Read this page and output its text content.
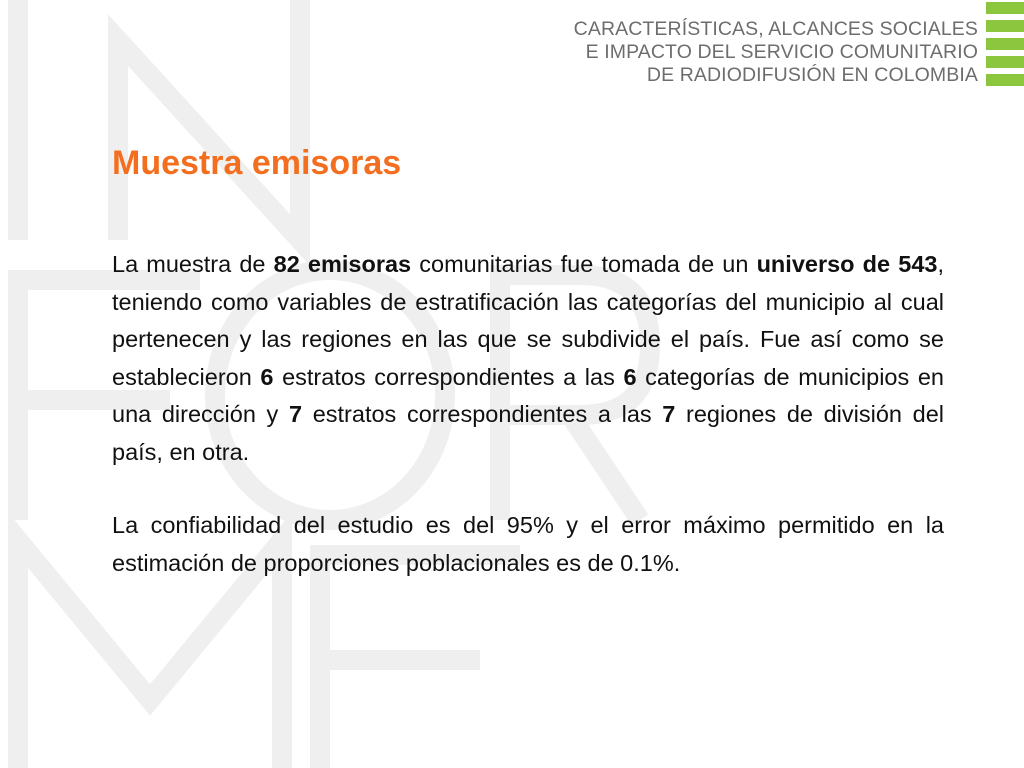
CARACTERÍSTICAS, ALCANCES SOCIALES
E IMPACTO DEL SERVICIO COMUNITARIO
DE RADIODIFUSIÓN EN COLOMBIA
Muestra emisoras

La muestra de 82 emisoras comunitarias fue tomada de un universo de 543, teniendo como variables de estratificación las categorías del municipio al cual pertenecen y las regiones en las que se subdivide el país. Fue así como se establecieron 6 estratos correspondientes a las 6 categorías de municipios en una dirección y 7 estratos correspondientes a las 7 regiones de división del país, en otra.

La confiabilidad del estudio es del 95% y el error máximo permitido en la estimación de proporciones poblacionales es de 0.1%.
